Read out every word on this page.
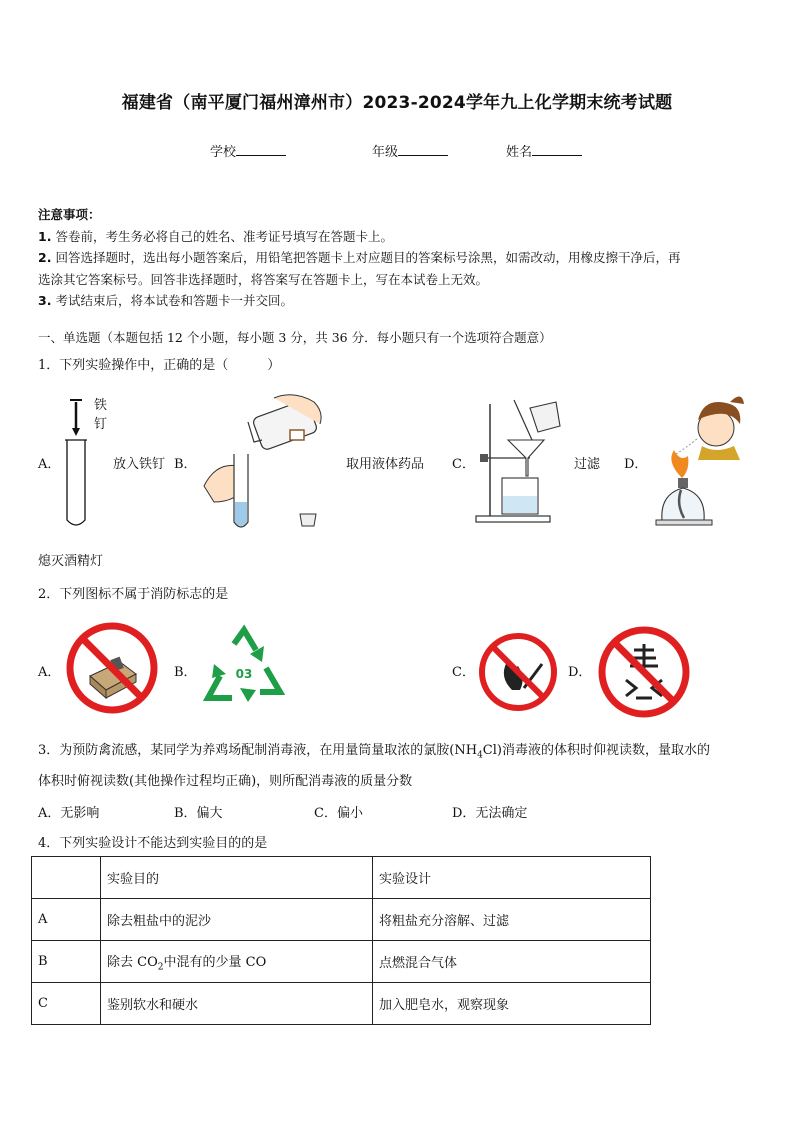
福建省（南平厦门福州漳州市）2023-2024学年九上化学期末统考试题
学校	年级	姓名
注意事项：
1. 答卷前，考生务必将自己的姓名、准考证号填写在答题卡上。
2. 回答选择题时，选出每小题答案后，用铅笔把答题卡上对应题目的答案标号涂黑，如需改动，用橡皮擦干净后，再
选涂其它答案标号。回答非选择题时，将答案写在答题卡上，写在本试卷上无效。
3. 考试结束后，将本试卷和答题卡一并交回。
一、单选题（本题包括 12 个小题，每小题 3 分，共 36 分．每小题只有一个选项符合题意）
1．下列实验操作中，正确的是（　　　）
A．
铁
钉
放入铁钉 B．	取用液体药品 C．	过滤 D．
熄灭酒精灯
2．下列图标不属于消防标志的是
A．	B．	03	C．	D．
3．为预防禽流感，某同学为养鸡场配制消毒液，在用量筒量取浓的氯胺$(NH_4Cl)$消毒液的体积时仰视读数，量取水的
体积时俯视读数(其他操作过程均正确)，则所配消毒液的质量分数
A．无影响	B．偏大	C．偏小	D．无法确定
4．下列实验设计不能达到实验目的的是
	实验目的	实验设计
A	除去粗盐中的泥沙	将粗盐充分溶解、过滤
B	除去 $CO_2$中混有的少量 CO	点燃混合气体
C	鉴别软水和硬水	加入肥皂水，观察现象
